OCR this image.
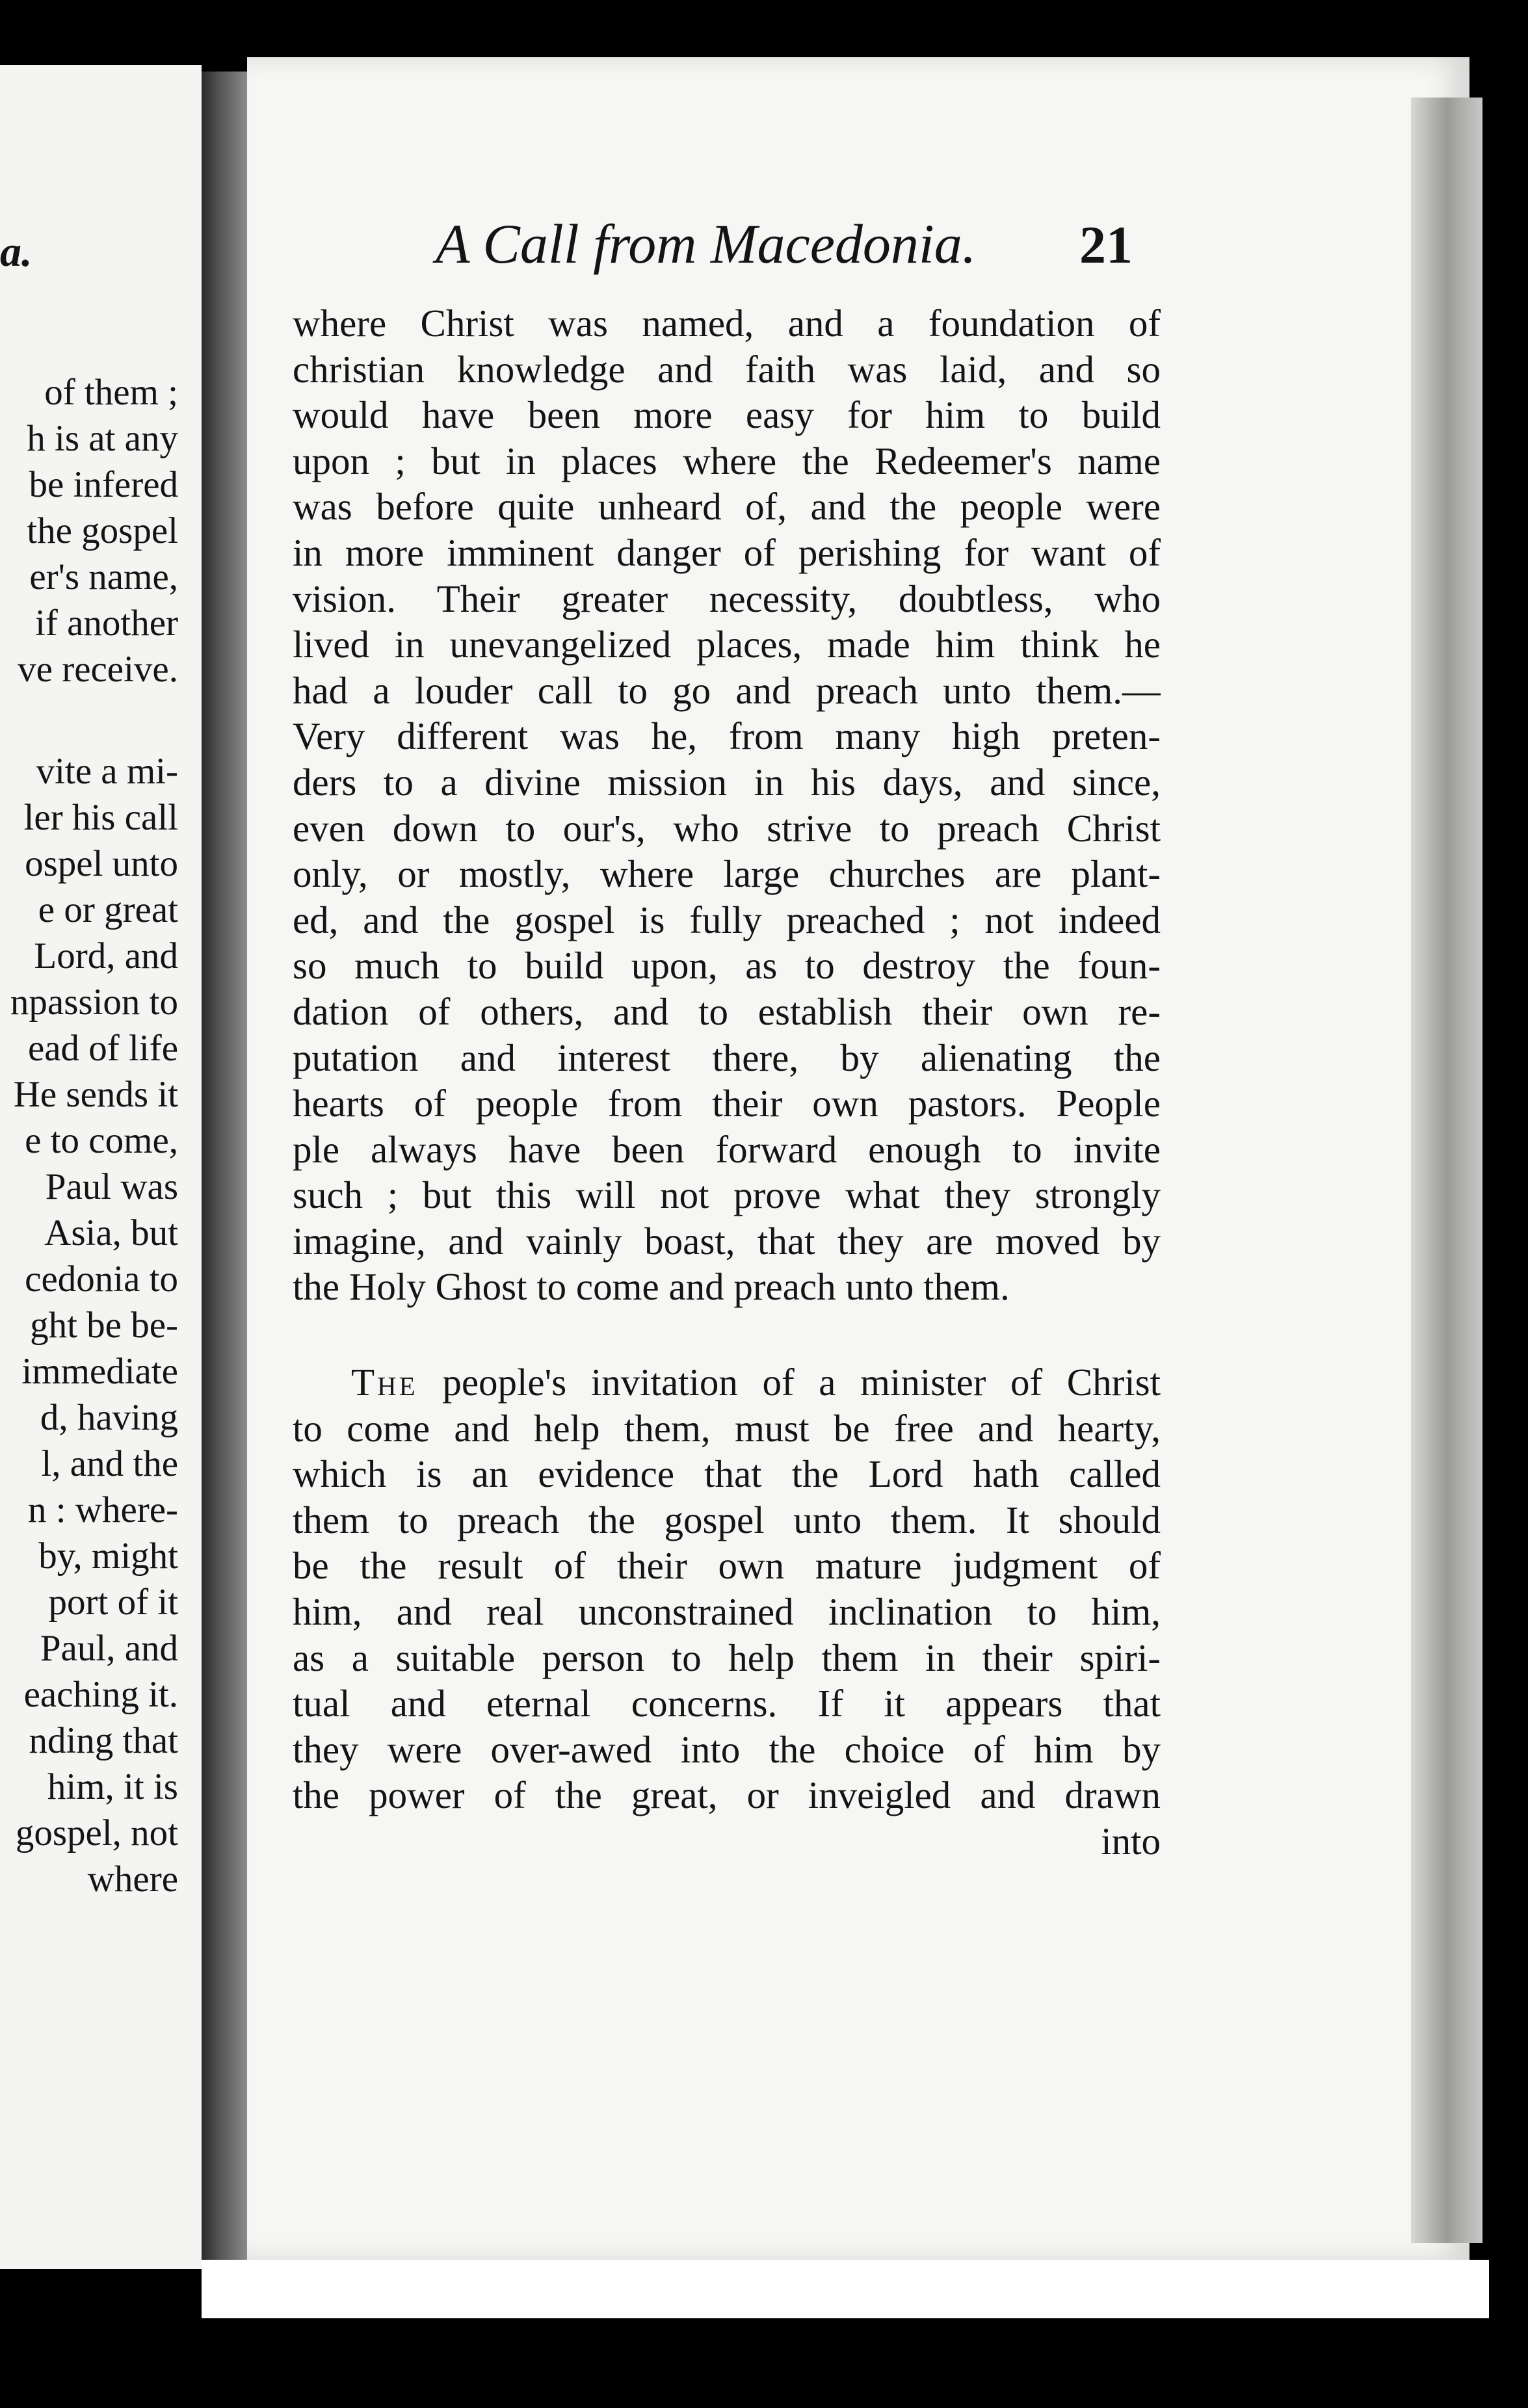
a.
of them ;
h is at any
be infered
the gospel
er's name,
if another
ve receive.
vite a mi-
ler his call
ospel unto
e or great
Lord, and
npassion to
ead of life
He sends it
e to come,
Paul was
Asia, but
cedonia to
ght be be-
immediate
d, having
l, and the
n : where-
by, might
port of it
Paul, and
eaching it.
nding that
him, it is
gospel, not
where
A Call from Macedonia. 21
where Christ was named, and a foundation of
christian knowledge and faith was laid, and so
would have been more easy for him to build
upon ; but in places where the Redeemer's name
was before quite unheard of, and the people were
in more imminent danger of perishing for want of
vision. Their greater necessity, doubtless, who
lived in unevangelized places, made him think he
had a louder call to go and preach unto them.—
Very different was he, from many high preten-
ders to a divine mission in his days, and since,
even down to our's, who strive to preach Christ
only, or mostly, where large churches are plant-
ed, and the gospel is fully preached ; not indeed
so much to build upon, as to destroy the foun-
dation of others, and to establish their own re-
putation and interest there, by alienating the
hearts of people from their own pastors. People
ple always have been forward enough to invite
such ; but this will not prove what they strongly
imagine, and vainly boast, that they are moved by
the Holy Ghost to come and preach unto them.
The people's invitation of a minister of Christ
to come and help them, must be free and hearty,
which is an evidence that the Lord hath called
them to preach the gospel unto them. It should
be the result of their own mature judgment of
him, and real unconstrained inclination to him,
as a suitable person to help them in their spiri-
tual and eternal concerns. If it appears that
they were over-awed into the choice of him by
the power of the great, or inveigled and drawn
into
